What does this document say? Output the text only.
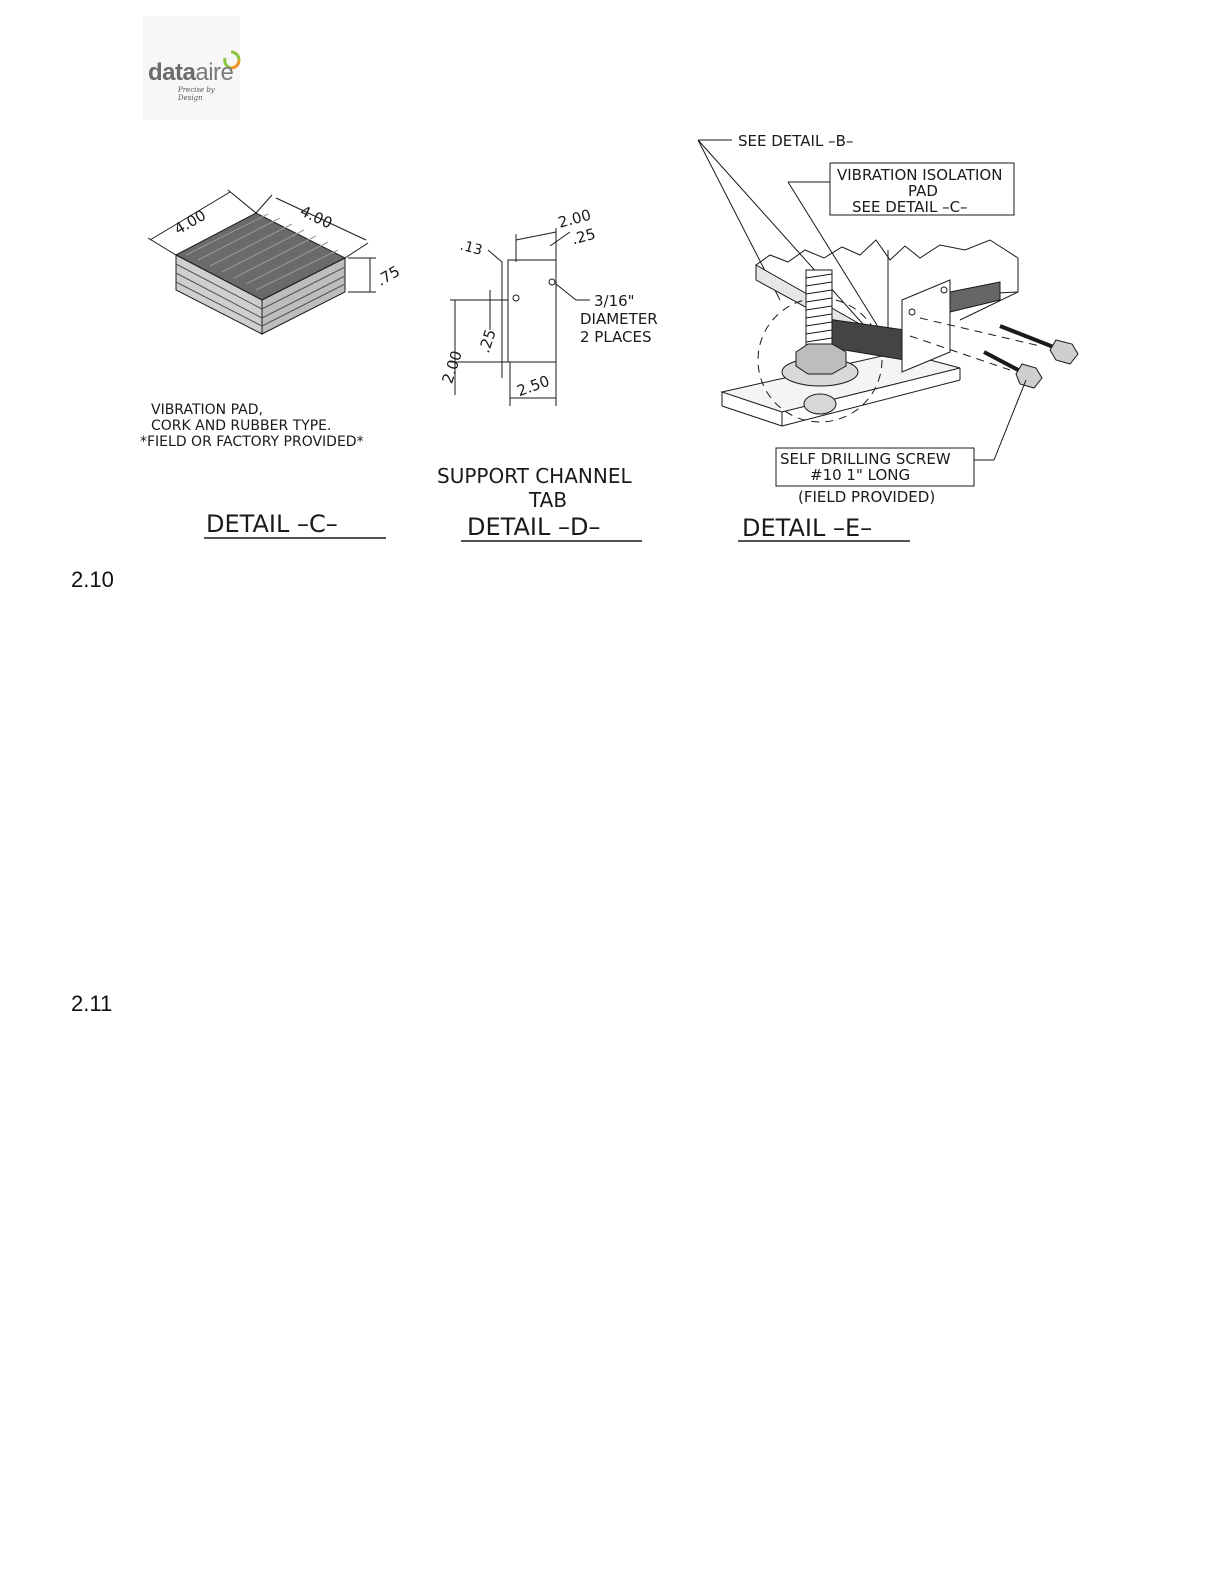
dataaire
Precise by Design
4.00	4.00
.75
VIBRATION PAD,
CORK AND RUBBER TYPE.
*FIELD OR FACTORY PROVIDED*
DETAIL –C–
.13
2.00
.25
3/16"
DIAMETER
2 PLACES
2.00
.25
2.50
SUPPORT CHANNEL
TAB
DETAIL –D–
SEE DETAIL –B–
VIBRATION ISOLATION
PAD
SEE DETAIL –C–
SELF DRILLING SCREW
#10 1" LONG
(FIELD PROVIDED)
DETAIL –E–
2.10
2.11
